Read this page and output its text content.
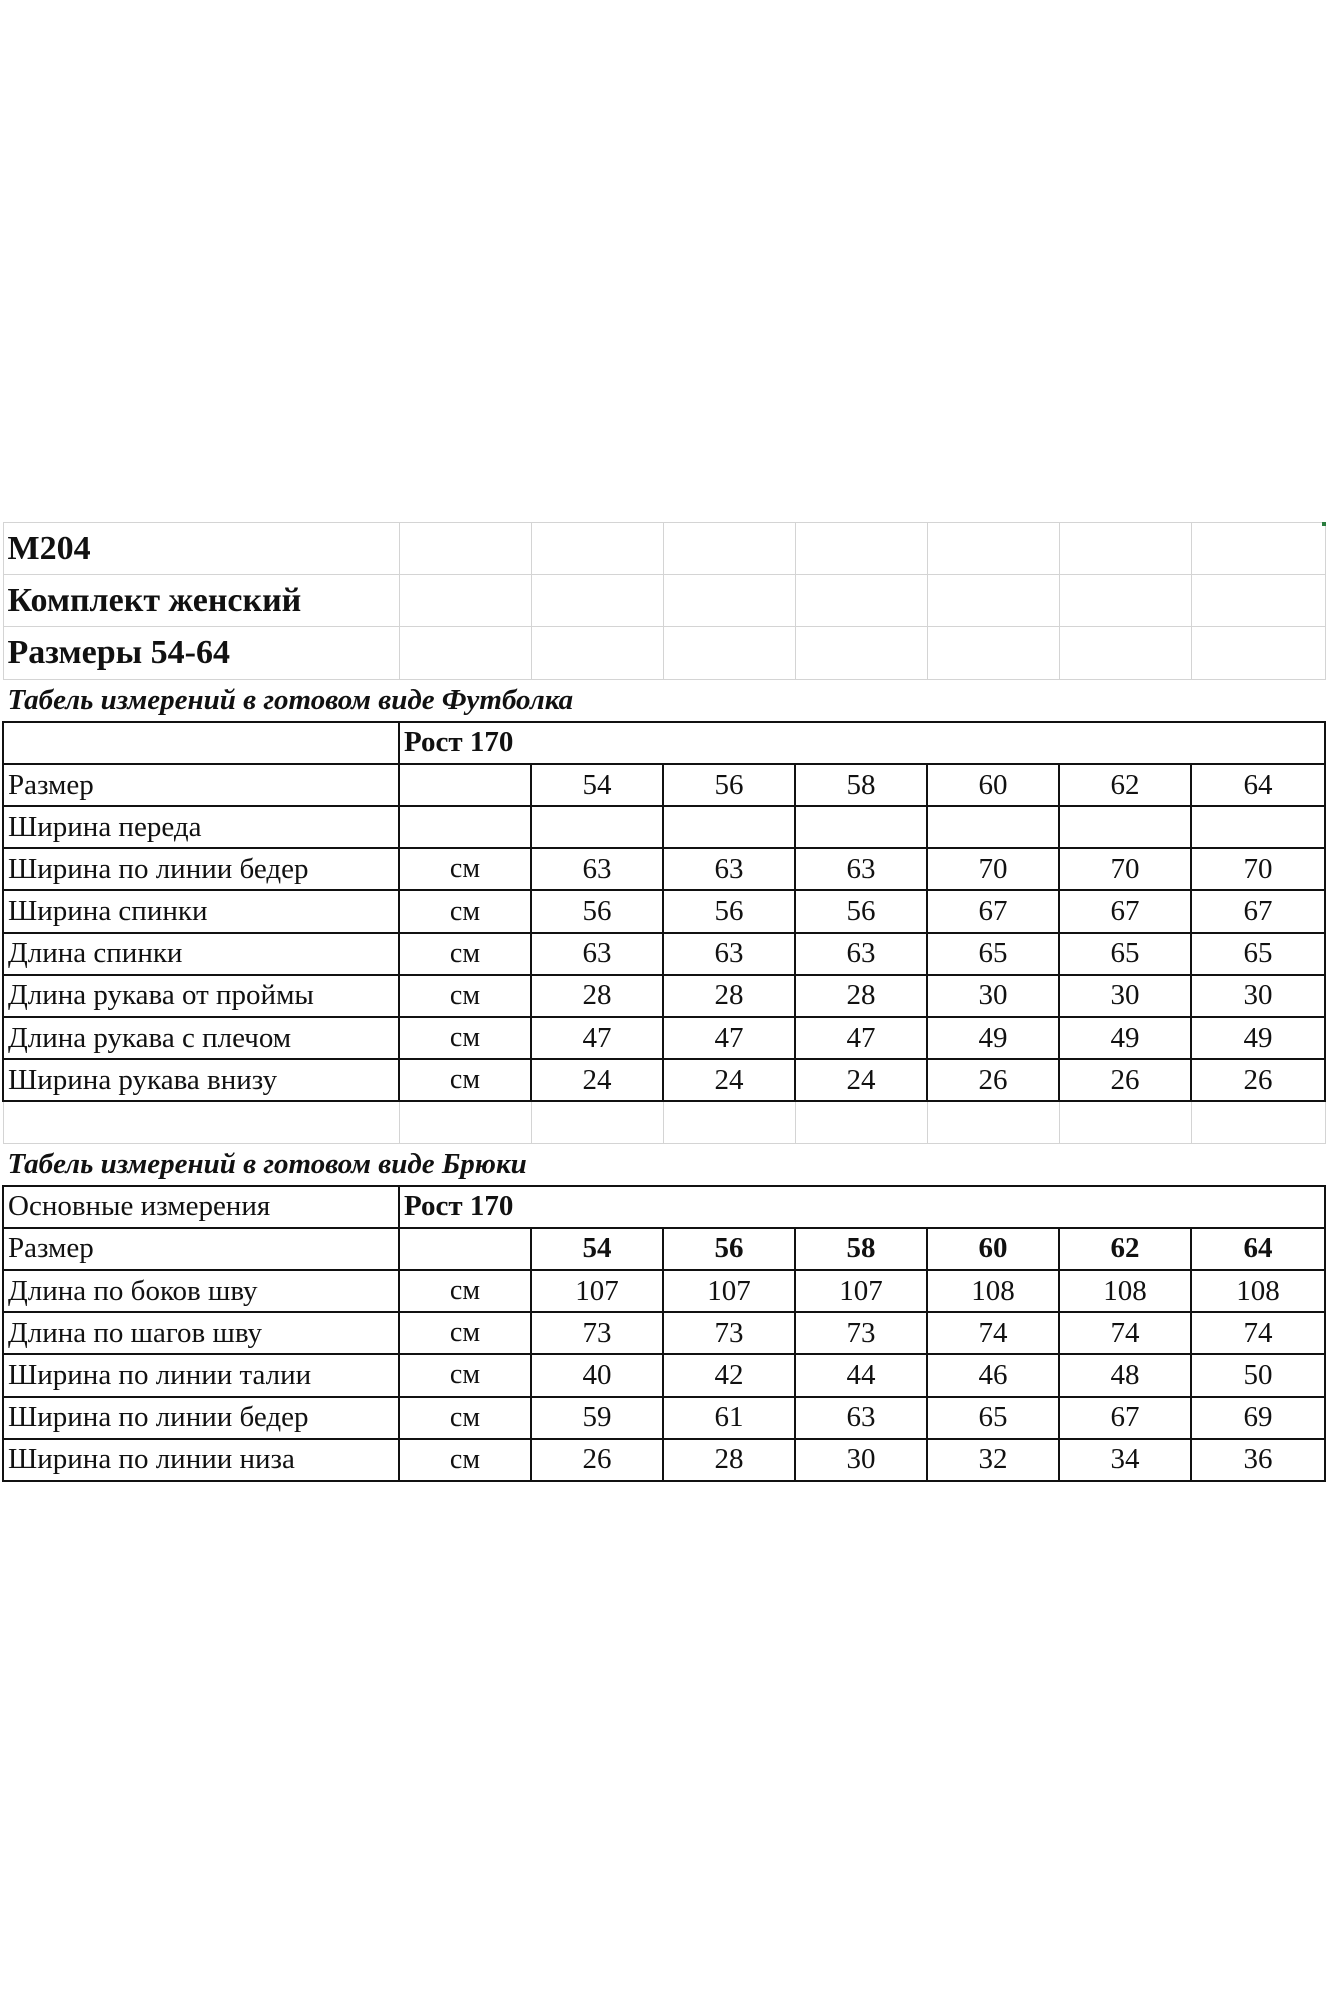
М204							
Комплект женский							
Размеры 54-64							
Табель измерений в готовом виде Футболка							
	Рост 170						
Размер		54	56	58	60	62	64
Ширина переда							
Ширина по линии бедер	см	63	63	63	70	70	70
Ширина спинки	см	56	56	56	67	67	67
Длина спинки	см	63	63	63	65	65	65
Длина рукава от проймы	см	28	28	28	30	30	30
Длина рукава с плечом	см	47	47	47	49	49	49
Ширина рукава внизу	см	24	24	24	26	26	26

Табель измерений в готовом виде Брюки							
Основные измерения	Рост 170						
Размер		54	56	58	60	62	64
Длина по боков шву	см	107	107	107	108	108	108
Длина по шагов шву	см	73	73	73	74	74	74
Ширина по линии талии	см	40	42	44	46	48	50
Ширина по линии бедер	см	59	61	63	65	67	69
Ширина по линии низа	см	26	28	30	32	34	36
